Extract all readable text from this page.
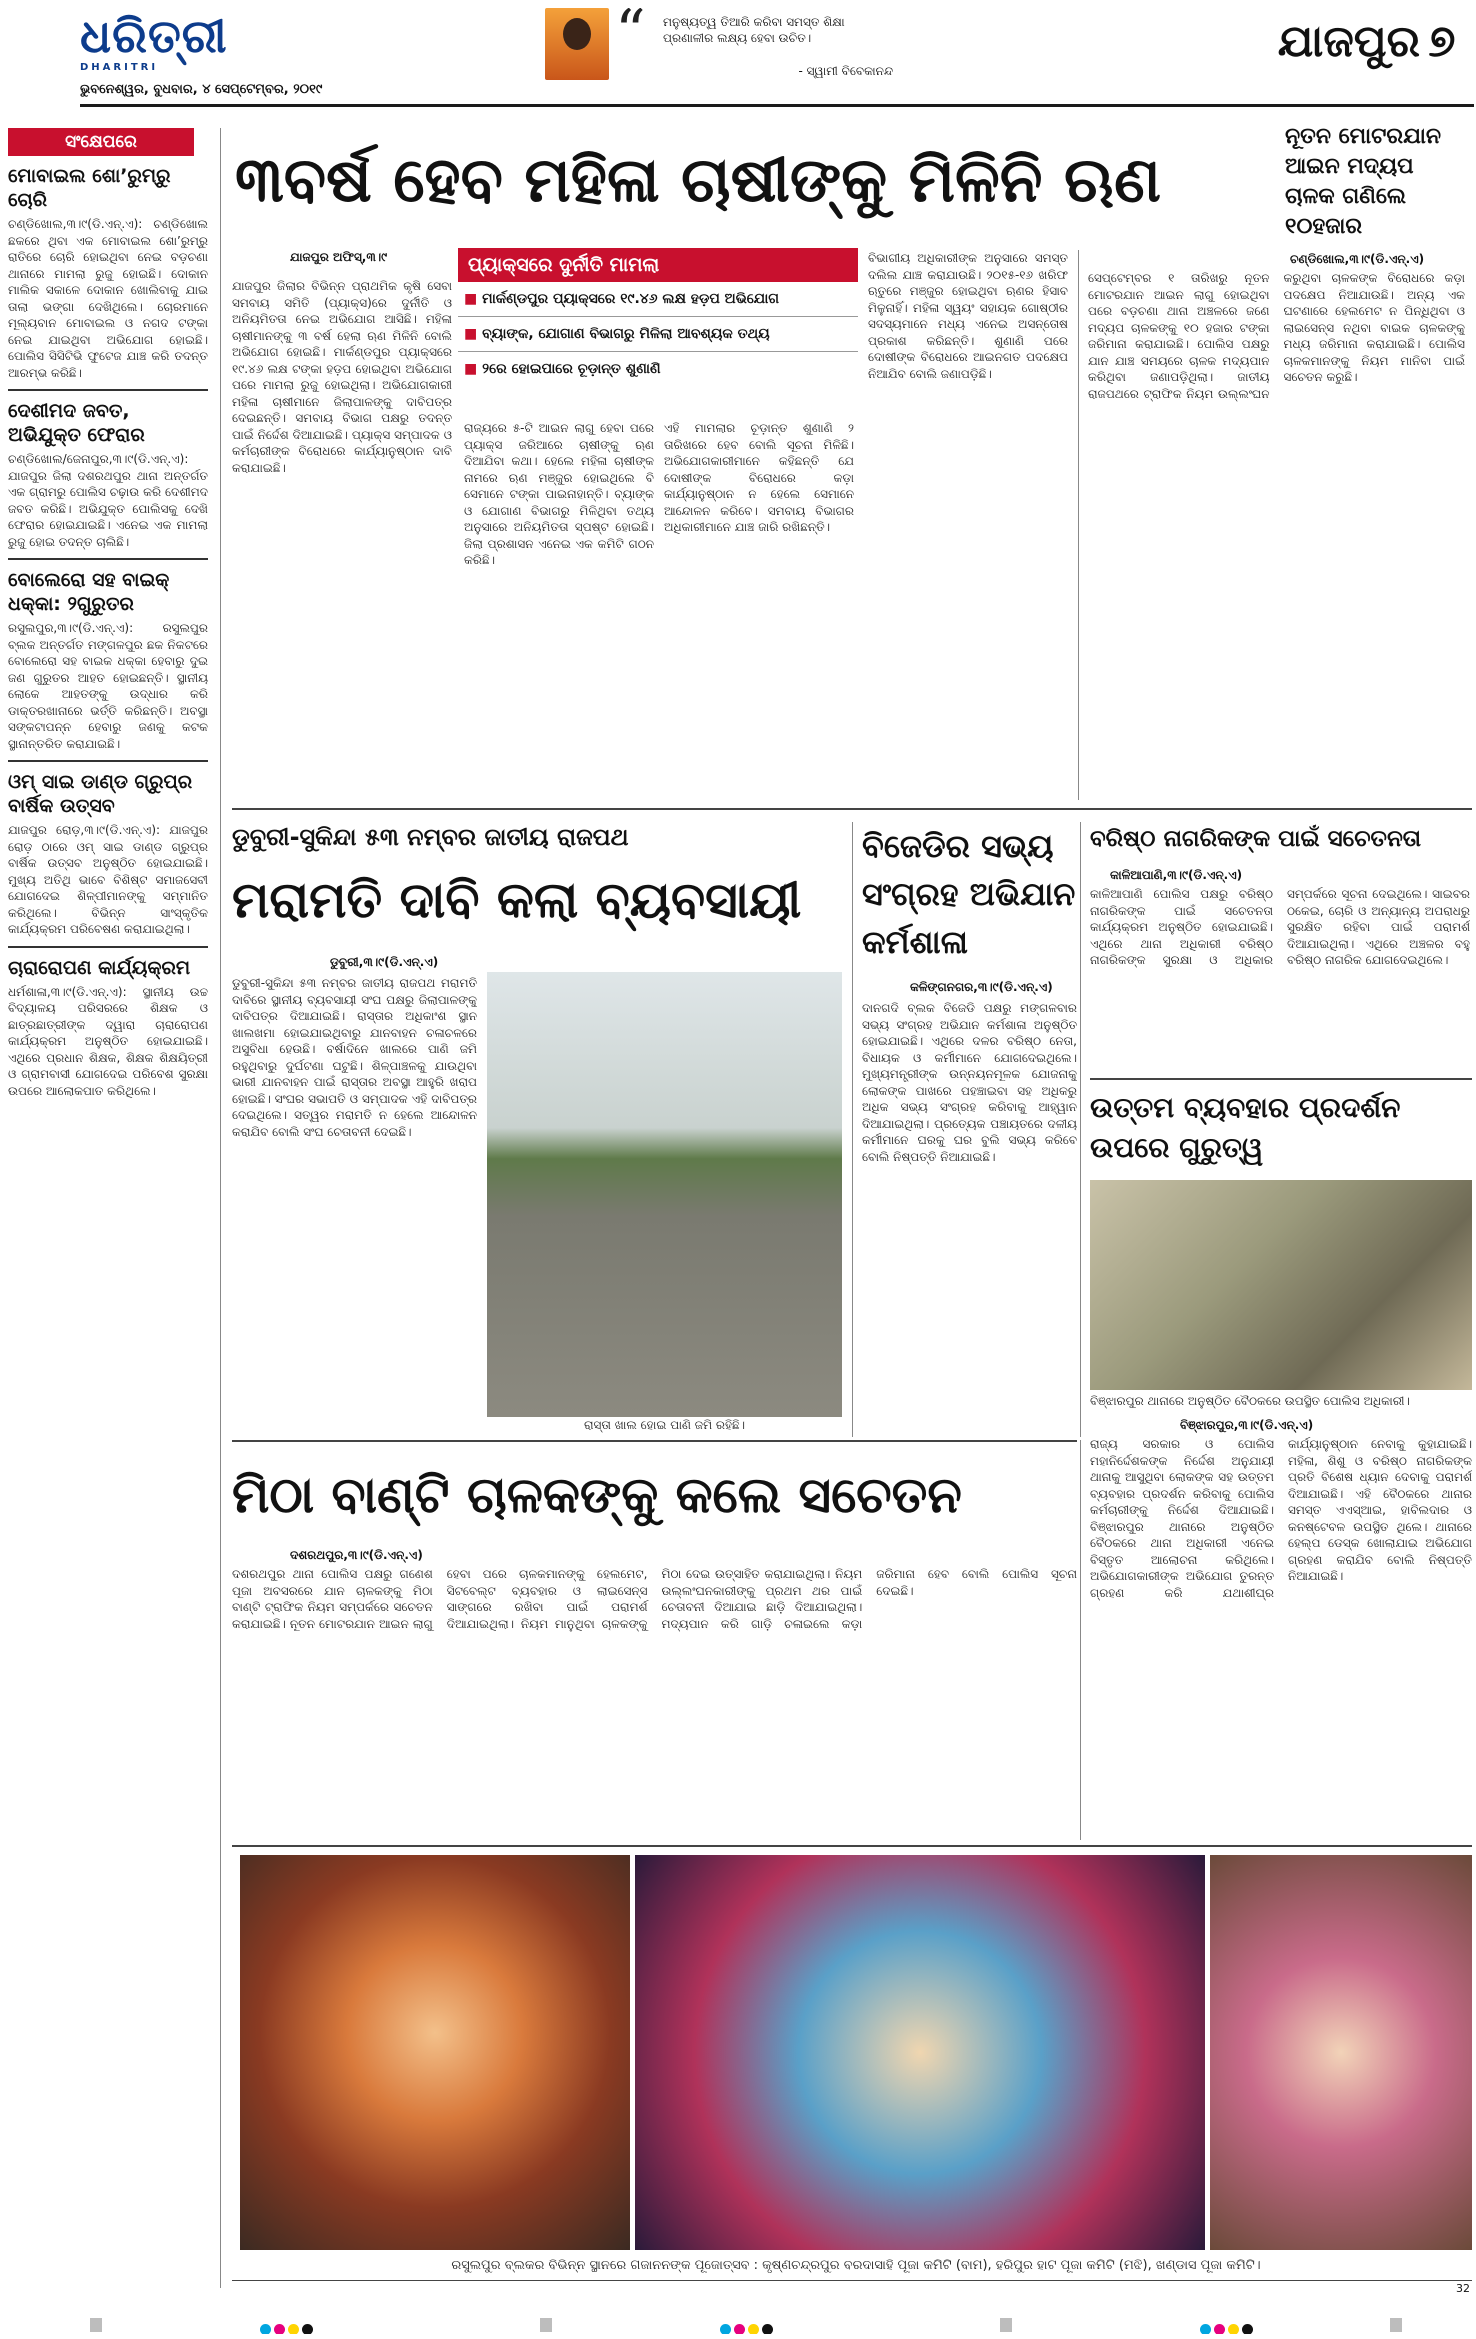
ଧରିତ୍ରୀ
DHARITRI
ଭୁବନେଶ୍ୱର, ବୁଧବାର, ୪ ସେପ୍ଟେମ୍ବର, ୨୦୧୯
“ ମନୁଷ୍ୟତ୍ୱ ତିଆରି କରିବା ସମସ୍ତ ଶିକ୍ଷା ପ୍ରଣାଳୀର ଲକ୍ଷ୍ୟ ହେବା ଉଚିତ।
- ସ୍ୱାମୀ ବିବେକାନନ୍ଦ
ଯାଜପୁର ୭
ସଂକ୍ଷେପରେ
ମୋବାଇଲ ଶୋ’ରୁମ୍‌ରୁ ଚୋରି
ଚଣ୍ଡିଖୋଲ,୩।୯(ଡି.ଏନ୍‌.ଏ): ଚଣ୍ଡିଖୋଲ ଛକରେ ଥିବା ଏକ ମୋବାଇଲ ଶୋ’ରୁମ୍‌ରୁ ରାତିରେ ଚୋରି ହୋଇଥିବା ନେଇ ବଡ଼ଚଣା ଥାନାରେ ମାମଲା ରୁଜୁ ହୋଇଛି। ଦୋକାନ ମାଲିକ ସକାଳେ ଦୋକାନ ଖୋଲିବାକୁ ଯାଇ ତାଲା ଭଙ୍ଗା ଦେଖିଥିଲେ। ଚୋରମାନେ ମୂଲ୍ୟବାନ ମୋବାଇଲ ଓ ନଗଦ ଟଙ୍କା ନେଇ ଯାଇଥିବା ଅଭିଯୋଗ ହୋଇଛି। ପୋଲିସ ସିସିଟିଭି ଫୁଟେଜ ଯାଞ୍ଚ କରି ତଦନ୍ତ ଆରମ୍ଭ କରିଛି।
ଦେଶୀମଦ ଜବତ, ଅଭିଯୁକ୍ତ ଫେରାର
ଚଣ୍ଡିଖୋଲ/ଜେନାପୁର,୩।୯(ଡି.ଏନ୍‌.ଏ): ଯାଜପୁର ଜିଲା ଦଶରଥପୁର ଥାନା ଅନ୍ତର୍ଗତ ଏକ ଗ୍ରାମରୁ ପୋଲିସ ଚଢ଼ାଉ କରି ଦେଶୀମଦ ଜବତ କରିଛି। ଅଭିଯୁକ୍ତ ପୋଲିସକୁ ଦେଖି ଫେରାର ହୋଇଯାଇଛି। ଏନେଇ ଏକ ମାମଲା ରୁଜୁ ହୋଇ ତଦନ୍ତ ଚାଲିଛି।
ବୋଲେରୋ ସହ ବାଇକ୍ ଧକ୍କା: ୨ଗୁରୁତର
ରସୁଲପୁର,୩।୯(ଡି.ଏନ୍‌.ଏ): ରସୁଲପୁର ବ୍ଲକ ଅନ୍ତର୍ଗତ ମଙ୍ଗଳପୁର ଛକ ନିକଟରେ ବୋଲେରୋ ସହ ବାଇକ ଧକ୍କା ହେବାରୁ ଦୁଇ ଜଣ ଗୁରୁତର ଆହତ ହୋଇଛନ୍ତି। ସ୍ଥାନୀୟ ଲୋକେ ଆହତଙ୍କୁ ଉଦ୍ଧାର କରି ଡାକ୍ତରଖାନାରେ ଭର୍ତ୍ତି କରିଛନ୍ତି। ଅବସ୍ଥା ସଙ୍କଟାପନ୍ନ ହେବାରୁ ଜଣକୁ କଟକ ସ୍ଥାନାନ୍ତରିତ କରାଯାଇଛି।
ଓମ୍ ସାଇ ଡାଣ୍ଡ ଗ୍ରୁପ୍‌ର ବାର୍ଷିକ ଉତ୍ସବ
ଯାଜପୁର ରୋଡ଼,୩।୯(ଡି.ଏନ୍‌.ଏ): ଯାଜପୁର ରୋଡ଼ ଠାରେ ଓମ୍ ସାଇ ଡାଣ୍ଡ ଗ୍ରୁପ୍‌ର ବାର୍ଷିକ ଉତ୍ସବ ଅନୁଷ୍ଠିତ ହୋଇଯାଇଛି। ମୁଖ୍ୟ ଅତିଥି ଭାବେ ବିଶିଷ୍ଟ ସମାଜସେବୀ ଯୋଗଦେଇ ଶିଳ୍ପୀମାନଙ୍କୁ ସମ୍ମାନିତ କରିଥିଲେ। ବିଭିନ୍ନ ସାଂସ୍କୃତିକ କାର୍ଯ୍ୟକ୍ରମ ପରିବେଷଣ କରାଯାଇଥିଲା।
ଚାରାରୋପଣ କାର୍ଯ୍ୟକ୍ରମ
ଧର୍ମଶାଳା,୩।୯(ଡି.ଏନ୍‌.ଏ): ସ୍ଥାନୀୟ ଉଚ୍ଚ ବିଦ୍ୟାଳୟ ପରିସରରେ ଶିକ୍ଷକ ଓ ଛାତ୍ରଛାତ୍ରୀଙ୍କ ଦ୍ୱାରା ଚାରାରୋପଣ କାର୍ଯ୍ୟକ୍ରମ ଅନୁଷ୍ଠିତ ହୋଇଯାଇଛି। ଏଥିରେ ପ୍ରଧାନ ଶିକ୍ଷକ, ଶିକ୍ଷକ ଶିକ୍ଷୟିତ୍ରୀ ଓ ଗ୍ରାମବାସୀ ଯୋଗଦେଇ ପରିବେଶ ସୁରକ୍ଷା ଉପରେ ଆଲୋକପାତ କରିଥିଲେ।
୩ବର୍ଷ ହେବ ମହିଳା ଚାଷୀଙ୍କୁ ମିଳିନି ଋଣ
ଯାଜପୁର ଅଫିସ୍,୩।୯	ପ୍ୟାକ୍ସରେ ଦୁର୍ନୀତି ମାମଲା
■ ମାର୍କଣ୍ଡପୁର ପ୍ୟାକ୍ସରେ ୧୯.୪୬ ଲକ୍ଷ ହଡ଼ପ ଅଭିଯୋଗ
■ ବ୍ୟାଙ୍କ, ଯୋଗାଣ ବିଭାଗରୁ ମିଳିଲା ଆବଶ୍ୟକ ତଥ୍ୟ
■ ୨ରେ ହୋଇପାରେ ଚୂଡ଼ାନ୍ତ ଶୁଣାଣି
ଯାଜପୁର ଜିଲାର ବିଭିନ୍ନ ପ୍ରାଥମିକ କୃଷି ସେବା ସମବାୟ ସମିତି (ପ୍ୟାକ୍ସ)ରେ ଦୁର୍ନୀତି ଓ ଅନିୟମିତତା ନେଇ ଅଭିଯୋଗ ଆସିଛି। ମହିଳା ଚାଷୀମାନଙ୍କୁ ୩ ବର୍ଷ ହେଲା ଋଣ ମିଳିନି ବୋଲି ଅଭିଯୋଗ ହୋଇଛି। ମାର୍କଣ୍ଡପୁର ପ୍ୟାକ୍ସରେ ୧୯.୪୬ ଲକ୍ଷ ଟଙ୍କା ହଡ଼ପ ହୋଇଥିବା ଅଭିଯୋଗ ପରେ ମାମଲା ରୁଜୁ ହୋଇଥିଲା। ଅଭିଯୋଗକାରୀ ମହିଳା ଚାଷୀମାନେ ଜିଲାପାଳଙ୍କୁ ଦାବିପତ୍ର ଦେଇଛନ୍ତି। ସମବାୟ ବିଭାଗ ପକ୍ଷରୁ ତଦନ୍ତ ପାଇଁ ନିର୍ଦ୍ଦେଶ ଦିଆଯାଇଛି। ପ୍ୟାକ୍ସ ସମ୍ପାଦକ ଓ କର୍ମଚାରୀଙ୍କ ବିରୋଧରେ କାର୍ଯ୍ୟାନୁଷ୍ଠାନ ଦାବି କରାଯାଇଛି।
ରାଜ୍ୟରେ ୫-ଟି ଆଇନ ଲାଗୁ ହେବା ପରେ ପ୍ୟାକ୍ସ ଜରିଆରେ ଚାଷୀଙ୍କୁ ଋଣ ଦିଆଯିବା କଥା। ହେଲେ ମହିଳା ଚାଷୀଙ୍କ ନାମରେ ଋଣ ମଞ୍ଜୁର ହୋଇଥିଲେ ବି ସେମାନେ ଟଙ୍କା ପାଇନାହାନ୍ତି। ବ୍ୟାଙ୍କ ଓ ଯୋଗାଣ ବିଭାଗରୁ ମିଳିଥିବା ତଥ୍ୟ ଅନୁସାରେ ଅନିୟମିତତା ସ୍ପଷ୍ଟ ହୋଇଛି। ଜିଲା ପ୍ରଶାସନ ଏନେଇ ଏକ କମିଟି ଗଠନ କରିଛି।
ଏହି ମାମଲାର ଚୂଡ଼ାନ୍ତ ଶୁଣାଣି ୨ ତାରିଖରେ ହେବ ବୋଲି ସୂଚନା ମିଳିଛି। ଅଭିଯୋଗକାରୀମାନେ କହିଛନ୍ତି ଯେ ଦୋଷୀଙ୍କ ବିରୋଧରେ କଡ଼ା କାର୍ଯ୍ୟାନୁଷ୍ଠାନ ନ ହେଲେ ସେମାନେ ଆନ୍ଦୋଳନ କରିବେ। ସମବାୟ ବିଭାଗର ଅଧିକାରୀମାନେ ଯାଞ୍ଚ ଜାରି ରଖିଛନ୍ତି।
ବିଭାଗୀୟ ଅଧିକାରୀଙ୍କ ଅନୁସାରେ ସମସ୍ତ ଦଲିଲ ଯାଞ୍ଚ କରାଯାଉଛି। ୨୦୧୫-୧୬ ଖରିଫ ଋତୁରେ ମଞ୍ଜୁର ହୋଇଥିବା ଋଣର ହିସାବ ମିଳୁନାହିଁ। ମହିଳା ସ୍ୱୟଂ ସହାୟକ ଗୋଷ୍ଠୀର ସଦସ୍ୟମାନେ ମଧ୍ୟ ଏନେଇ ଅସନ୍ତୋଷ ପ୍ରକାଶ କରିଛନ୍ତି। ଶୁଣାଣି ପରେ ଦୋଷୀଙ୍କ ବିରୋଧରେ ଆଇନଗତ ପଦକ୍ଷେପ ନିଆଯିବ ବୋଲି ଜଣାପଡ଼ିଛି।
ନୂତନ ମୋଟରଯାନ ଆଇନ ମଦ୍ୟପ ଚାଳକ ଗଣିଲେ ୧୦ହଜାର
ଚଣ୍ଡିଖୋଲ,୩।୯(ଡି.ଏନ୍‌.ଏ)
ସେପ୍ଟେମ୍ବର ୧ ତାରିଖରୁ ନୂତନ ମୋଟରଯାନ ଆଇନ ଲାଗୁ ହୋଇଥିବା ପରେ ବଡ଼ଚଣା ଥାନା ଅଞ୍ଚଳରେ ଜଣେ ମଦ୍ୟପ ଚାଳକଙ୍କୁ ୧୦ ହଜାର ଟଙ୍କା ଜରିମାନା କରାଯାଇଛି। ପୋଲିସ ପକ୍ଷରୁ ଯାନ ଯାଞ୍ଚ ସମୟରେ ଚାଳକ ମଦ୍ୟପାନ କରିଥିବା ଜଣାପଡ଼ିଥିଲା। ଜାତୀୟ ରାଜପଥରେ ଟ୍ରାଫିକ ନିୟମ ଉଲ୍ଲଂଘନ କରୁଥିବା ଚାଳକଙ୍କ ବିରୋଧରେ କଡ଼ା ପଦକ୍ଷେପ ନିଆଯାଉଛି। ଅନ୍ୟ ଏକ ଘଟଣାରେ ହେଲମେଟ ନ ପିନ୍ଧିଥିବା ଓ ଲାଇସେନ୍ସ ନଥିବା ବାଇକ ଚାଳକଙ୍କୁ ମଧ୍ୟ ଜରିମାନା କରାଯାଇଛି। ପୋଲିସ ଚାଳକମାନଙ୍କୁ ନିୟମ ମାନିବା ପାଇଁ ସଚେତନ କରୁଛି।
ଡୁବୁରୀ-ସୁକିନ୍ଦା ୫୩ ନମ୍ବର ଜାତୀୟ ରାଜପଥ
ମରାମତି ଦାବି କଲା ବ୍ୟବସାୟୀ
ଡୁବୁରୀ,୩।୯(ଡି.ଏନ୍‌.ଏ)
ଡୁବୁରୀ-ସୁକିନ୍ଦା ୫୩ ନମ୍ବର ଜାତୀୟ ରାଜପଥ ମରାମତି ଦାବିରେ ସ୍ଥାନୀୟ ବ୍ୟବସାୟୀ ସଂଘ ପକ୍ଷରୁ ଜିଲାପାଳଙ୍କୁ ଦାବିପତ୍ର ଦିଆଯାଇଛି। ରାସ୍ତାର ଅଧିକାଂଶ ସ୍ଥାନ ଖାଲଖମା ହୋଇଯାଇଥିବାରୁ ଯାନବାହନ ଚଳାଚଳରେ ଅସୁବିଧା ହେଉଛି। ବର୍ଷାଦିନେ ଖାଲରେ ପାଣି ଜମି ରହୁଥିବାରୁ ଦୁର୍ଘଟଣା ଘଟୁଛି। ଶିଳ୍ପାଞ୍ଚଳକୁ ଯାଉଥିବା ଭାରୀ ଯାନବାହନ ପାଇଁ ରାସ୍ତାର ଅବସ୍ଥା ଆହୁରି ଖରାପ ହୋଇଛି। ସଂଘର ସଭାପତି ଓ ସମ୍ପାଦକ ଏହି ଦାବିପତ୍ର ଦେଇଥିଲେ। ସତ୍ୱର ମରାମତି ନ ହେଲେ ଆନ୍ଦୋଳନ କରାଯିବ ବୋଲି ସଂଘ ଚେତାବନୀ ଦେଇଛି।
ରାସ୍ତା ଖାଲ ହୋଇ ପାଣି ଜମି ରହିଛି।
ବିଜେଡିର ସଭ୍ୟ ସଂଗ୍ରହ ଅଭିଯାନ କର୍ମଶାଳା
କଳିଙ୍ଗନଗର,୩।୯(ଡି.ଏନ୍‌.ଏ)
ଦାନଗଦି ବ୍ଲକ ବିଜେଡି ପକ୍ଷରୁ ମଙ୍ଗଳବାର ସଭ୍ୟ ସଂଗ୍ରହ ଅଭିଯାନ କର୍ମଶାଳା ଅନୁଷ୍ଠିତ ହୋଇଯାଇଛି। ଏଥିରେ ଦଳର ବରିଷ୍ଠ ନେତା, ବିଧାୟକ ଓ କର୍ମୀମାନେ ଯୋଗଦେଇଥିଲେ। ମୁଖ୍ୟମନ୍ତ୍ରୀଙ୍କ ଉନ୍ନୟନମୂଳକ ଯୋଜନାକୁ ଲୋକଙ୍କ ପାଖରେ ପହଞ୍ଚାଇବା ସହ ଅଧିକରୁ ଅଧିକ ସଭ୍ୟ ସଂଗ୍ରହ କରିବାକୁ ଆହ୍ୱାନ ଦିଆଯାଇଥିଲା। ପ୍ରତ୍ୟେକ ପଞ୍ଚାୟତରେ ଦଳୀୟ କର୍ମୀମାନେ ଘରକୁ ଘର ବୁଲି ସଭ୍ୟ କରିବେ ବୋଲି ନିଷ୍ପତ୍ତି ନିଆଯାଇଛି।
ବରିଷ୍ଠ ନାଗରିକଙ୍କ ପାଇଁ ସଚେତନତା
କାଳିଆପାଣି,୩।୯(ଡି.ଏନ୍‌.ଏ)
କାଳିଆପାଣି ପୋଲିସ ପକ୍ଷରୁ ବରିଷ୍ଠ ନାଗରିକଙ୍କ ପାଇଁ ସଚେତନତା କାର୍ଯ୍ୟକ୍ରମ ଅନୁଷ୍ଠିତ ହୋଇଯାଇଛି। ଏଥିରେ ଥାନା ଅଧିକାରୀ ବରିଷ୍ଠ ନାଗରିକଙ୍କ ସୁରକ୍ଷା ଓ ଅଧିକାର ସମ୍ପର୍କରେ ସୂଚନା ଦେଇଥିଲେ। ସାଇବର ଠକେଇ, ଚୋରି ଓ ଅନ୍ୟାନ୍ୟ ଅପରାଧରୁ ସୁରକ୍ଷିତ ରହିବା ପାଇଁ ପରାମର୍ଶ ଦିଆଯାଇଥିଲା। ଏଥିରେ ଅଞ୍ଚଳର ବହୁ ବରିଷ୍ଠ ନାଗରିକ ଯୋଗଦେଇଥିଲେ।
ଉତ୍ତମ ବ୍ୟବହାର ପ୍ରଦର୍ଶନ ଉପରେ ଗୁରୁତ୍ୱ
ବିଞ୍ଝାରପୁର ଥାନାରେ ଅନୁଷ୍ଠିତ ବୈଠକରେ ଉପସ୍ଥିତ ପୋଲିସ ଅଧିକାରୀ।
ବିଞ୍ଝାରପୁର,୩।୯(ଡି.ଏନ୍‌.ଏ)
ମିଠା ବାଣ୍ଟି ଚାଳକଙ୍କୁ କଲେ ସଚେତନ
ଦଶରଥପୁର,୩।୯(ଡି.ଏନ୍‌.ଏ)
ଦଶରଥପୁର ଥାନା ପୋଲିସ ପକ୍ଷରୁ ଗଣେଶ ପୂଜା ଅବସରରେ ଯାନ ଚାଳକଙ୍କୁ ମିଠା ବାଣ୍ଟି ଟ୍ରାଫିକ ନିୟମ ସମ୍ପର୍କରେ ସଚେତନ କରାଯାଇଛି। ନୂତନ ମୋଟରଯାନ ଆଇନ ଲାଗୁ ହେବା ପରେ ଚାଳକମାନଙ୍କୁ ହେଲମେଟ, ସିଟବେଲ୍ଟ ବ୍ୟବହାର ଓ ଲାଇସେନ୍ସ ସାଙ୍ଗରେ ରଖିବା ପାଇଁ ପରାମର୍ଶ ଦିଆଯାଇଥିଲା। ନିୟମ ମାନୁଥିବା ଚାଳକଙ୍କୁ ମିଠା ଦେଇ ଉତ୍ସାହିତ କରାଯାଇଥିଲା। ନିୟମ ଉଲ୍ଲଂଘନକାରୀଙ୍କୁ ପ୍ରଥମ ଥର ପାଇଁ ଚେତାବନୀ ଦିଆଯାଇ ଛାଡ଼ି ଦିଆଯାଇଥିଲା। ମଦ୍ୟପାନ କରି ଗାଡ଼ି ଚଳାଇଲେ କଡ଼ା ଜରିମାନା ହେବ ବୋଲି ପୋଲିସ ସୂଚନା ଦେଇଛି।
ରାଜ୍ୟ ସରକାର ଓ ପୋଲିସ ମହାନିର୍ଦ୍ଦେଶକଙ୍କ ନିର୍ଦ୍ଦେଶ ଅନୁଯାୟୀ ଥାନାକୁ ଆସୁଥିବା ଲୋକଙ୍କ ସହ ଉତ୍ତମ ବ୍ୟବହାର ପ୍ରଦର୍ଶନ କରିବାକୁ ପୋଲିସ କର୍ମଚାରୀଙ୍କୁ ନିର୍ଦ୍ଦେଶ ଦିଆଯାଇଛି। ବିଞ୍ଝାରପୁର ଥାନାରେ ଅନୁଷ୍ଠିତ ବୈଠକରେ ଥାନା ଅଧିକାରୀ ଏନେଇ ବିସ୍ତୃତ ଆଲୋଚନା କରିଥିଲେ। ଅଭିଯୋଗକାରୀଙ୍କ ଅଭିଯୋଗ ତୁରନ୍ତ ଗ୍ରହଣ କରି ଯଥାଶୀଘ୍ର କାର୍ଯ୍ୟାନୁଷ୍ଠାନ ନେବାକୁ କୁହାଯାଇଛି। ମହିଳା, ଶିଶୁ ଓ ବରିଷ୍ଠ ନାଗରିକଙ୍କ ପ୍ରତି ବିଶେଷ ଧ୍ୟାନ ଦେବାକୁ ପରାମର୍ଶ ଦିଆଯାଇଛି। ଏହି ବୈଠକରେ ଥାନାର ସମସ୍ତ ଏଏସ୍‌ଆଇ, ହାବିଲଦାର ଓ କନଷ୍ଟେବଳ ଉପସ୍ଥିତ ଥିଲେ। ଥାନାରେ ହେଲ୍ପ ଡେସ୍କ ଖୋଲାଯାଇ ଅଭିଯୋଗ ଗ୍ରହଣ କରାଯିବ ବୋଲି ନିଷ୍ପତ୍ତି ନିଆଯାଇଛି।
ରସୁଲପୁର ବ୍ଲକର ବିଭିନ୍ନ ସ୍ଥାନରେ ଗଜାନନଙ୍କ ପୂଜୋତ୍ସବ : କୃଷ୍ଣଚନ୍ଦ୍ରପୁର ବରଦାସାହି ପୂଜା କମିଟି (ବାମ), ହରିପୁର ହାଟ ପୂଜା କମିଟି (ମଝି), ଖଣ୍ଡାସ ପୂଜା କମିଟି।
32
